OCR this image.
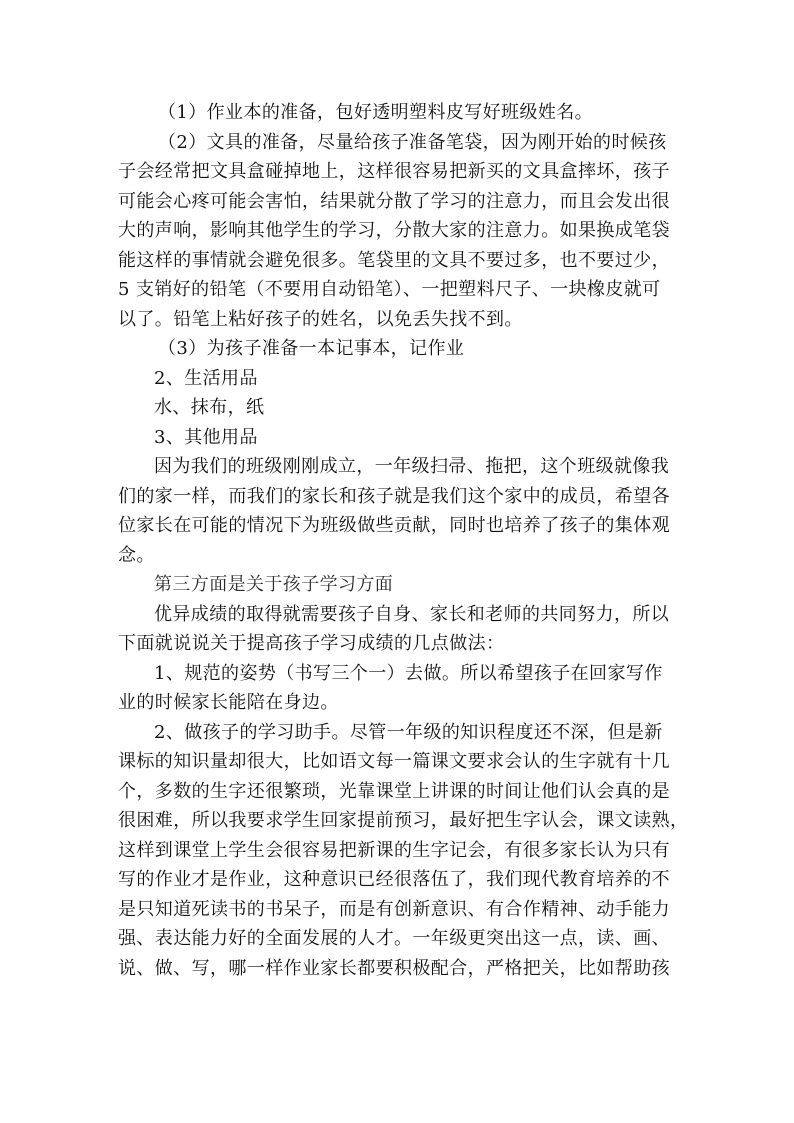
（1）作业本的准备，包好透明塑料皮写好班级姓名。
（2）文具的准备，尽量给孩子准备笔袋，因为刚开始的时候孩
子会经常把文具盒碰掉地上，这样很容易把新买的文具盒摔坏，孩子
可能会心疼可能会害怕，结果就分散了学习的注意力，而且会发出很
大的声响，影响其他学生的学习，分散大家的注意力。如果换成笔袋
能这样的事情就会避免很多。笔袋里的文具不要过多，也不要过少，
5 支销好的铅笔（不要用自动铅笔）、一把塑料尺子、一块橡皮就可
以了。铅笔上粘好孩子的姓名，以免丢失找不到。
（3）为孩子准备一本记事本，记作业
2、生活用品
水、抹布，纸
3、其他用品
因为我们的班级刚刚成立，一年级扫帚、拖把，这个班级就像我
们的家一样，而我们的家长和孩子就是我们这个家中的成员，希望各
位家长在可能的情况下为班级做些贡献，同时也培养了孩子的集体观
念。
第三方面是关于孩子学习方面
优异成绩的取得就需要孩子自身、家长和老师的共同努力，所以
下面就说说关于提高孩子学习成绩的几点做法：
1、规范的姿势（书写三个一）去做。所以希望孩子在回家写作
业的时候家长能陪在身边。
2、做孩子的学习助手。尽管一年级的知识程度还不深，但是新
课标的知识量却很大，比如语文每一篇课文要求会认的生字就有十几
个，多数的生字还很繁琐，光靠课堂上讲课的时间让他们认会真的是
很困难，所以我要求学生回家提前预习，最好把生字认会，课文读熟，
这样到课堂上学生会很容易把新课的生字记会，有很多家长认为只有
写的作业才是作业，这种意识已经很落伍了，我们现代教育培养的不
是只知道死读书的书呆子，而是有创新意识、有合作精神、动手能力
强、表达能力好的全面发展的人才。一年级更突出这一点，读、画、
说、做、写，哪一样作业家长都要积极配合，严格把关，比如帮助孩
